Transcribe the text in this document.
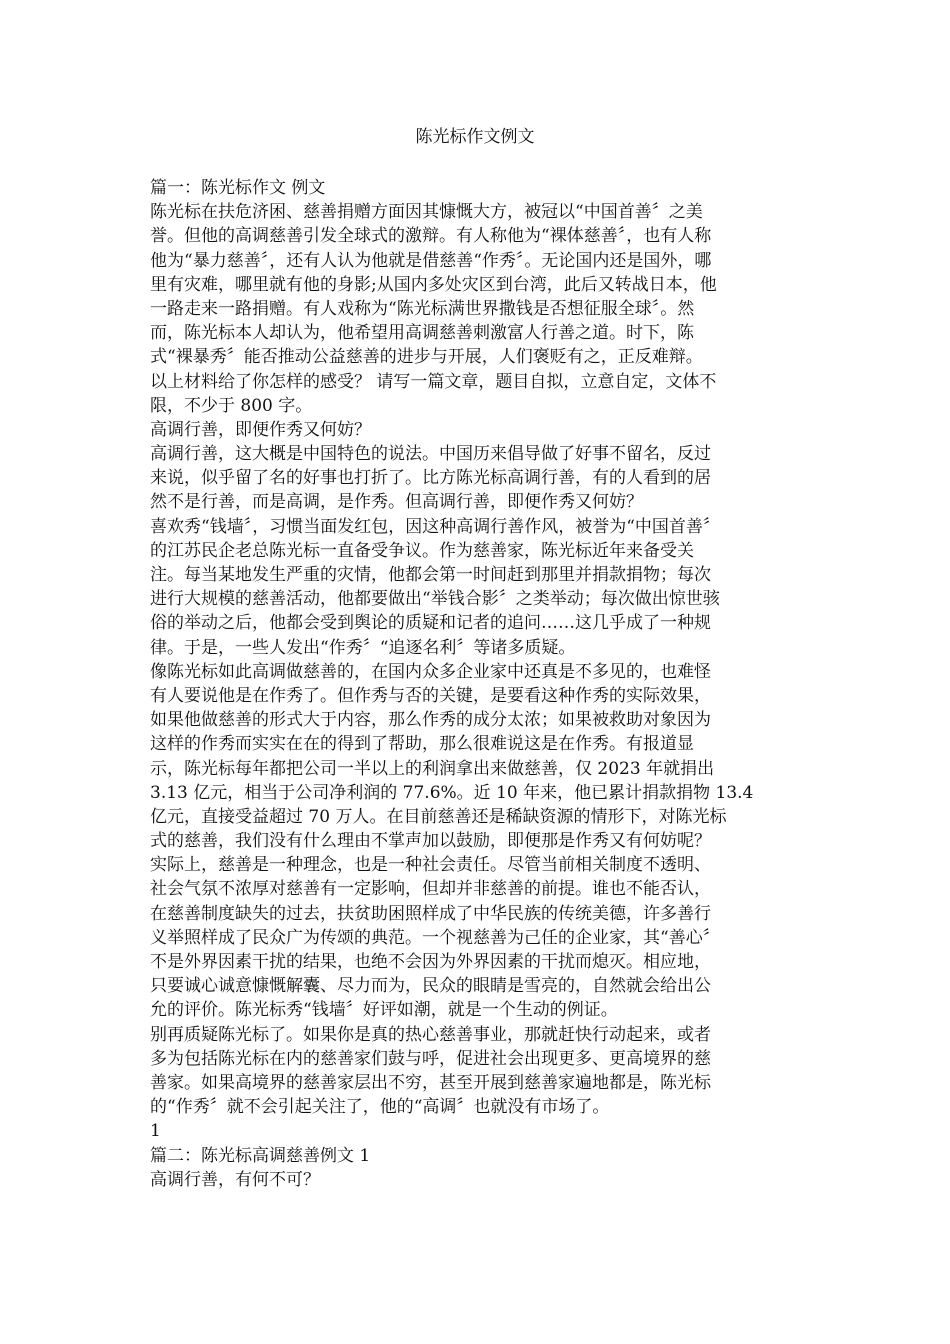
陈光标作文例文
篇一：陈光标作文 例文
陈光标在扶危济困、慈善捐赠方面因其慷慨大方，被冠以“中国首善〞之美
誉。但他的高调慈善引发全球式的激辩。有人称他为“裸体慈善〞，也有人称
他为“暴力慈善〞，还有人认为他就是借慈善“作秀〞。无论国内还是国外，哪
里有灾难，哪里就有他的身影;从国内多处灾区到台湾，此后又转战日本，他
一路走来一路捐赠。有人戏称为“陈光标满世界撒钱是否想征服全球〞。然
而，陈光标本人却认为，他希望用高调慈善刺激富人行善之道。时下，陈
式“裸暴秀〞能否推动公益慈善的进步与开展，人们褒贬有之，正反难辩。
以上材料给了你怎样的感受？ 请写一篇文章，题目自拟，立意自定，文体不
限，不少于 800 字。
高调行善，即便作秀又何妨？
高调行善，这大概是中国特色的说法。中国历来倡导做了好事不留名，反过
来说，似乎留了名的好事也打折了。比方陈光标高调行善，有的人看到的居
然不是行善，而是高调，是作秀。但高调行善，即便作秀又何妨？
喜欢秀“钱墙〞，习惯当面发红包，因这种高调行善作风，被誉为“中国首善〞
的江苏民企老总陈光标一直备受争议。作为慈善家，陈光标近年来备受关
注。每当某地发生严重的灾情，他都会第一时间赶到那里并捐款捐物；每次
进行大规模的慈善活动，他都要做出“举钱合影〞之类举动；每次做出惊世骇
俗的举动之后，他都会受到舆论的质疑和记者的追问……这几乎成了一种规
律。于是，一些人发出“作秀〞“追逐名利〞等诸多质疑。
像陈光标如此高调做慈善的，在国内众多企业家中还真是不多见的，也难怪
有人要说他是在作秀了。但作秀与否的关键，是要看这种作秀的实际效果，
如果他做慈善的形式大于内容，那么作秀的成分太浓；如果被救助对象因为
这样的作秀而实实在在的得到了帮助，那么很难说这是在作秀。有报道显
示，陈光标每年都把公司一半以上的利润拿出来做慈善，仅 2023 年就捐出
3.13 亿元，相当于公司净利润的 77.6%。近 10 年来，他已累计捐款捐物 13.4
亿元，直接受益超过 70 万人。在目前慈善还是稀缺资源的情形下，对陈光标
式的慈善，我们没有什么理由不掌声加以鼓励，即便那是作秀又有何妨呢？
实际上，慈善是一种理念，也是一种社会责任。尽管当前相关制度不透明、
社会气氛不浓厚对慈善有一定影响，但却并非慈善的前提。谁也不能否认，
在慈善制度缺失的过去，扶贫助困照样成了中华民族的传统美德，许多善行
义举照样成了民众广为传颂的典范。一个视慈善为己任的企业家，其“善心〞
不是外界因素干扰的结果，也绝不会因为外界因素的干扰而熄灭。相应地，
只要诚心诚意慷慨解囊、尽力而为，民众的眼睛是雪亮的，自然就会给出公
允的评价。陈光标秀“钱墙〞好评如潮，就是一个生动的例证。
别再质疑陈光标了。如果你是真的热心慈善事业，那就赶快行动起来，或者
多为包括陈光标在内的慈善家们鼓与呼，促进社会出现更多、更高境界的慈
善家。如果高境界的慈善家层出不穷，甚至开展到慈善家遍地都是，陈光标
的“作秀〞就不会引起关注了，他的“高调〞也就没有市场了。
1
篇二：陈光标高调慈善例文 1
高调行善，有何不可？
